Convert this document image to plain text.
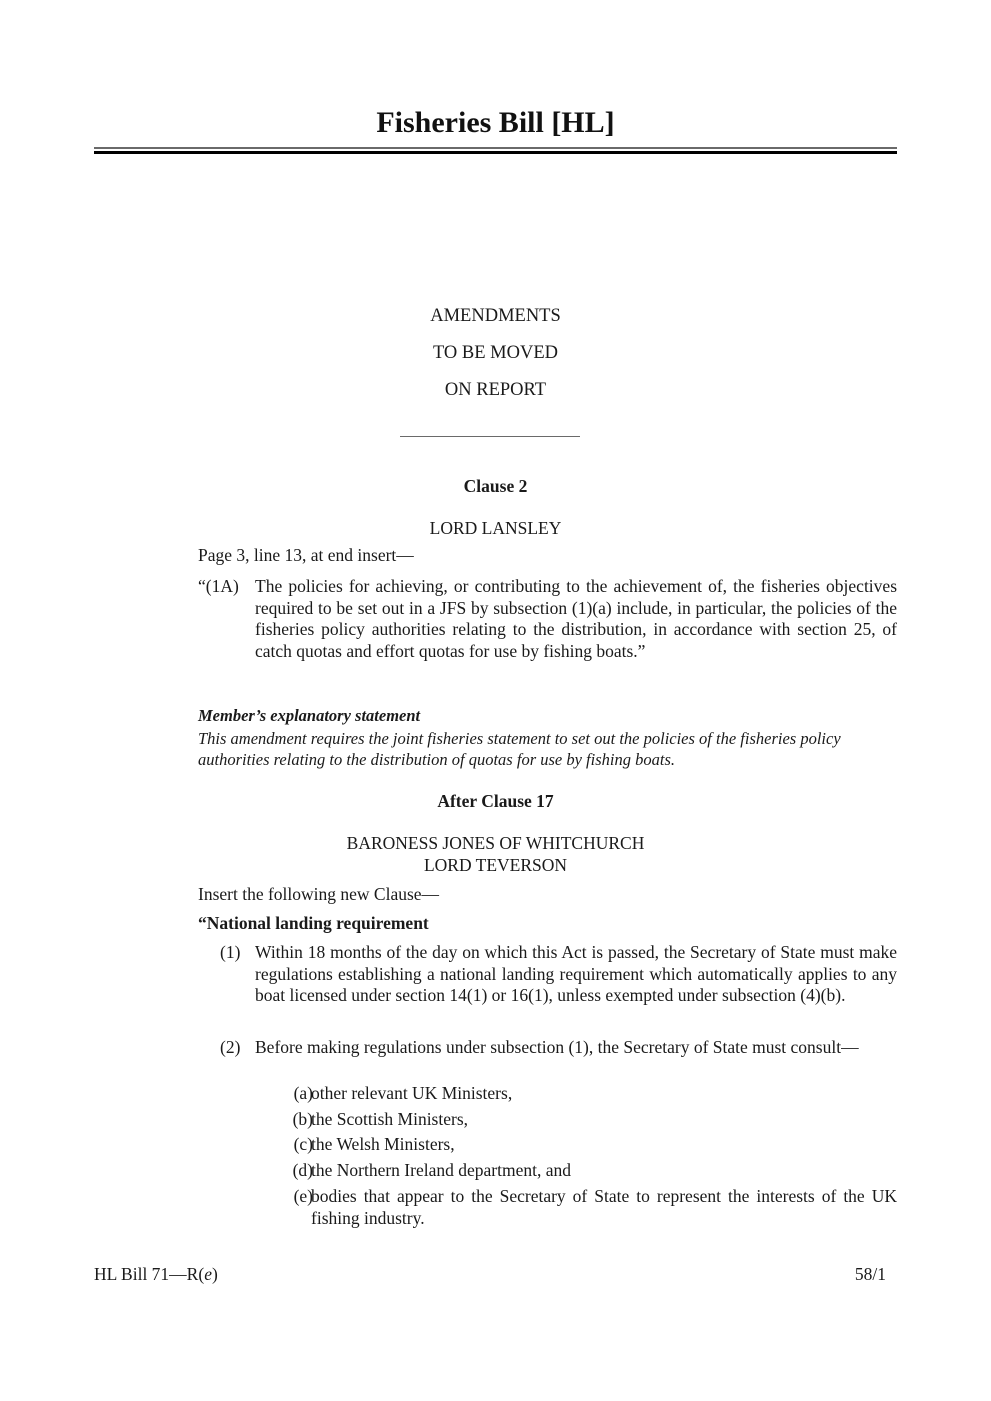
Fisheries Bill [HL]
AMENDMENTS
TO BE MOVED
ON REPORT
Clause 2
LORD LANSLEY
Page 3, line 13, at end insert—
“(1A) The policies for achieving, or contributing to the achievement of, the fisheries objectives required to be set out in a JFS by subsection (1)(a) include, in particular, the policies of the fisheries policy authorities relating to the distribution, in accordance with section 25, of catch quotas and effort quotas for use by fishing boats.”
Member’s explanatory statement
This amendment requires the joint fisheries statement to set out the policies of the fisheries policy authorities relating to the distribution of quotas for use by fishing boats.
After Clause 17
BARONESS JONES OF WHITCHURCH
LORD TEVERSON
Insert the following new Clause—
“National landing requirement
(1) Within 18 months of the day on which this Act is passed, the Secretary of State must make regulations establishing a national landing requirement which automatically applies to any boat licensed under section 14(1) or 16(1), unless exempted under subsection (4)(b).
(2) Before making regulations under subsection (1), the Secretary of State must consult—
(a)
other relevant UK Ministers,
(b)
the Scottish Ministers,
(c)
the Welsh Ministers,
(d)
the Northern Ireland department, and
(e)
bodies that appear to the Secretary of State to represent the interests of the UK fishing industry.
HL Bill 71—R(e)	58/1
